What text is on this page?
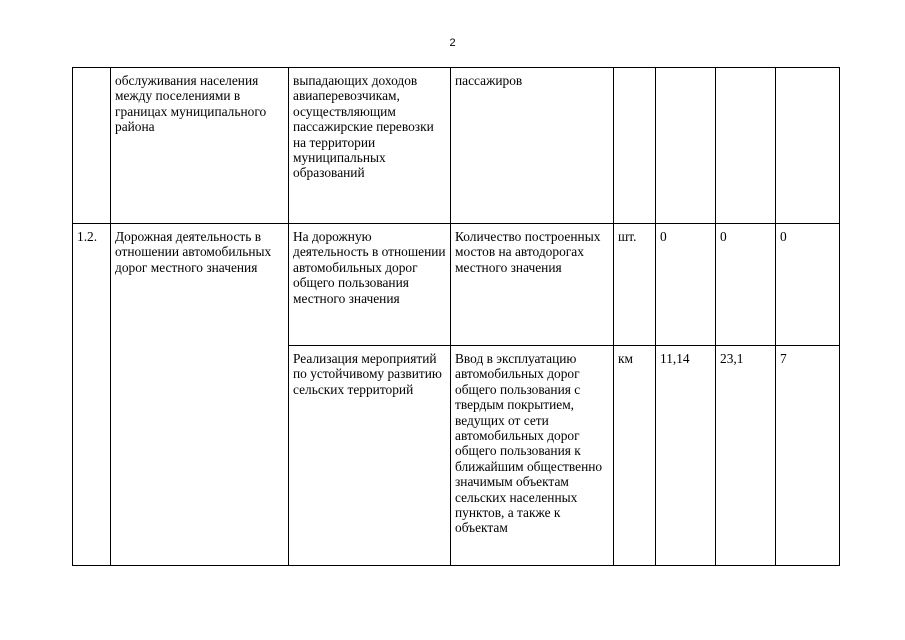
2
	обслуживания населения между поселениями в границах муниципального района	выпадающих доходов авиаперевозчикам, осуществляющим пассажирские перевозки на территории муниципальных образований	пассажиров				
1.2.	Дорожная деятельность в отношении автомобильных дорог местного значения	На дорожную деятельность в отношении автомобильных дорог общего пользования местного значения	Количество построенных мостов на автодорогах местного значения	шт.	0	0	0
		Реализация мероприятий по устойчивому развитию сельских территорий	Ввод в эксплуатацию автомобильных дорог общего пользования с твердым покрытием, ведущих от сети автомобильных дорог общего пользования к ближайшим общественно значимым объектам сельских населенных пунктов, а также к объектам	км	11,14	23,1	7
